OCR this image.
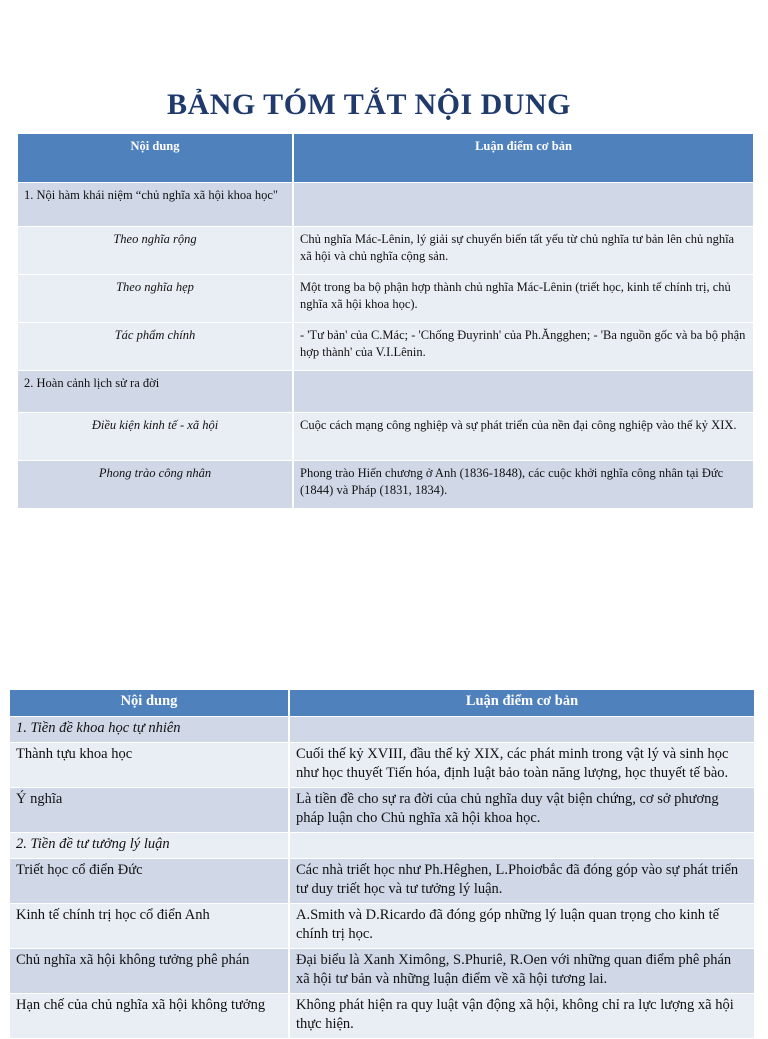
BẢNG TÓM TẮT NỘI DUNG
Nội dung	Luận điểm cơ bản
1. Nội hàm khái niệm “chủ nghĩa xã hội khoa học"	
Theo nghĩa rộng	Chủ nghĩa Mác-Lênin, lý giải sự chuyển biến tất yếu từ chủ nghĩa tư bản lên chủ nghĩa xã hội và chủ nghĩa cộng sản.
Theo nghĩa hẹp	Một trong ba bộ phận hợp thành chủ nghĩa Mác-Lênin (triết học, kinh tế chính trị, chủ nghĩa xã hội khoa học).
Tác phẩm chính	- 'Tư bản' của C.Mác; - 'Chống Đuyrinh' của Ph.Ăngghen; - 'Ba nguồn gốc và ba bộ phận hợp thành' của V.I.Lênin.
2. Hoàn cảnh lịch sử ra đời	
Điều kiện kinh tế - xã hội	Cuộc cách mạng công nghiệp và sự phát triển của nền đại công nghiệp vào thế kỷ XIX.
Phong trào công nhân	Phong trào Hiến chương ở Anh (1836-1848), các cuộc khởi nghĩa công nhân tại Đức (1844) và Pháp (1831, 1834).
Nội dung	Luận điểm cơ bản
1. Tiền đề khoa học tự nhiên	
Thành tựu khoa học	Cuối thế kỷ XVIII, đầu thế kỷ XIX, các phát minh trong vật lý và sinh học như học thuyết Tiến hóa, định luật bảo toàn năng lượng, học thuyết tế bào.
Ý nghĩa	Là tiền đề cho sự ra đời của chủ nghĩa duy vật biện chứng, cơ sở phương pháp luận cho Chủ nghĩa xã hội khoa học.
2. Tiền đề tư tưởng lý luận	
Triết học cổ điển Đức	Các nhà triết học như Ph.Hêghen, L.Phoiơbắc đã đóng góp vào sự phát triển tư duy triết học và tư tưởng lý luận.
Kinh tế chính trị học cổ điển Anh	A.Smith và D.Ricardo đã đóng góp những lý luận quan trọng cho kinh tế chính trị học.
Chủ nghĩa xã hội không tưởng phê phán	Đại biểu là Xanh Ximông, S.Phuriê, R.Oen với những quan điểm phê phán xã hội tư bản và những luận điểm về xã hội tương lai.
Hạn chế của chủ nghĩa xã hội không tưởng	Không phát hiện ra quy luật vận động xã hội, không chỉ ra lực lượng xã hội thực hiện.
